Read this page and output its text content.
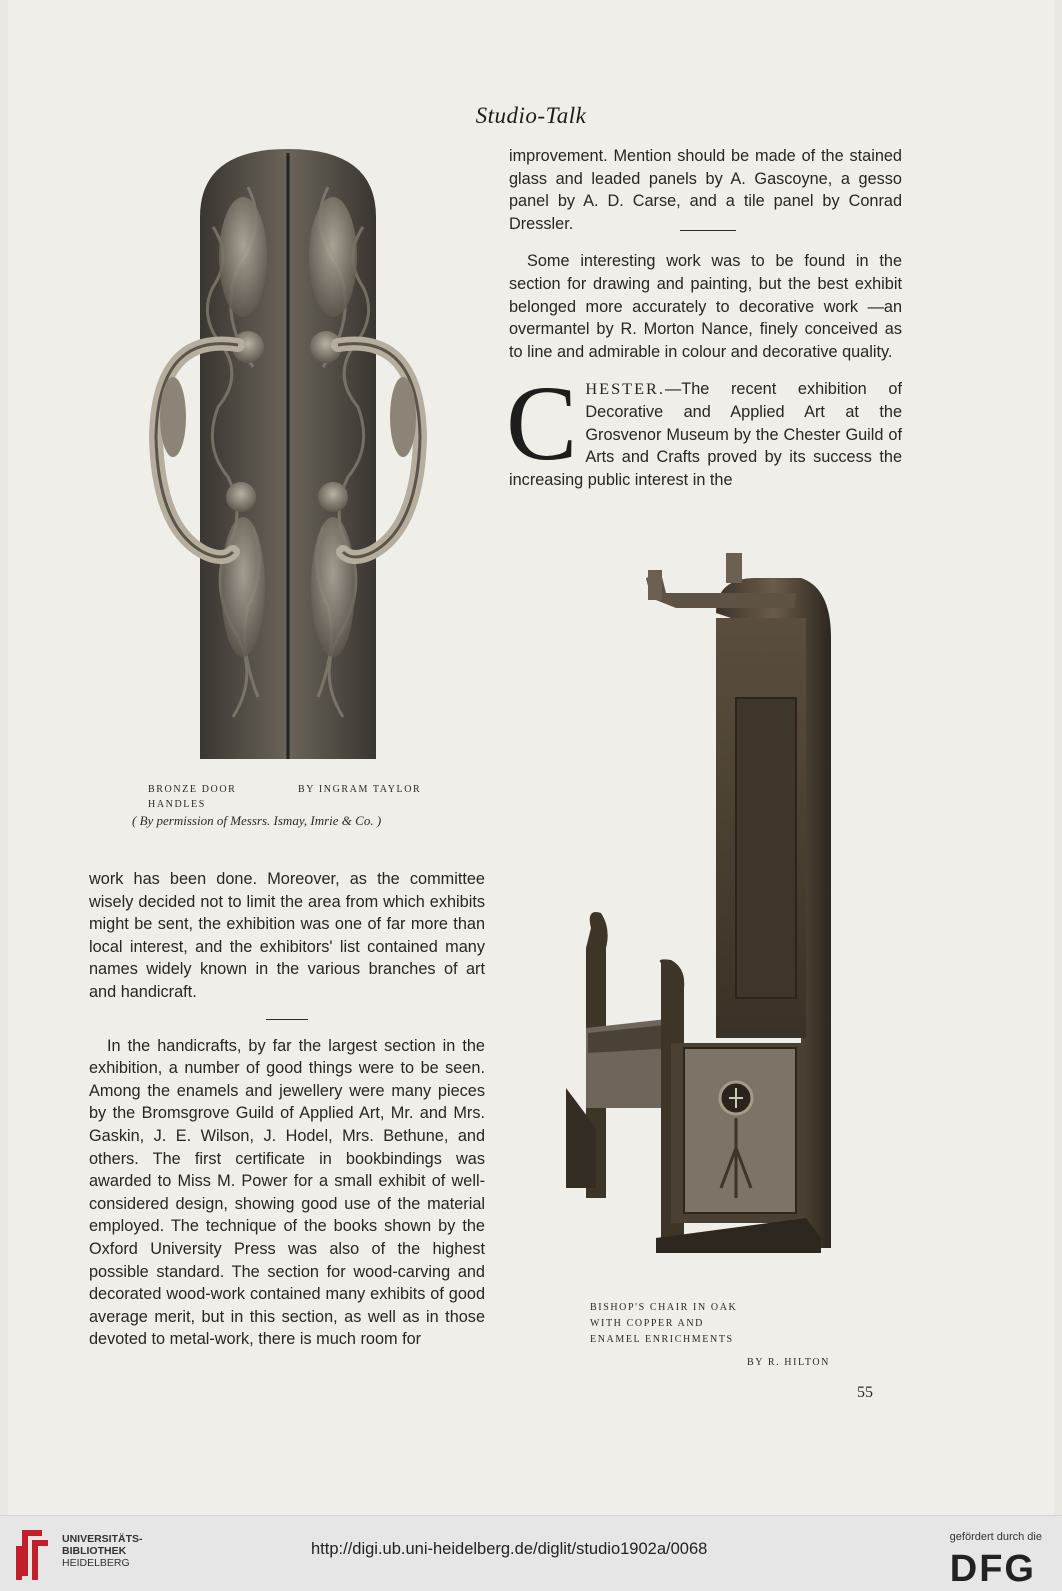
Studio-Talk
BRONZE DOOR HANDLES
BY INGRAM TAYLOR
( By permission of Messrs. Ismay, Imrie & Co. )

improvement. Mention should be made of the stained glass and leaded panels by A. Gascoyne, a gesso panel by A. D. Carse, and a tile panel by Conrad Dressler.

Some interesting work was to be found in the section for drawing and painting, but the best exhibit belonged more accurately to decorative work —an overmantel by R. Morton Nance, finely conceived as to line and admirable in colour and decorative quality.

C HESTER.—The recent exhibition of Decorative and Applied Art at the Grosvenor Museum by the Chester Guild of Arts and Crafts proved by its success the increasing public interest in the

work has been done. Moreover, as the committee wisely decided not to limit the area from which exhibits might be sent, the exhibition was one of far more than local interest, and the exhibitors' list contained many names widely known in the various branches of art and handicraft.

In the handicrafts, by far the largest section in the exhibition, a number of good things were to be seen. Among the enamels and jewellery were many pieces by the Bromsgrove Guild of Applied Art, Mr. and Mrs. Gaskin, J. E. Wilson, J. Hodel, Mrs. Bethune, and others. The first certificate in bookbindings was awarded to Miss M. Power for a small exhibit of well-considered design, showing good use of the material employed. The technique of the books shown by the Oxford University Press was also of the highest possible standard. The section for wood-carving and decorated wood-work contained many exhibits of good average merit, but in this section, as well as in those devoted to metal-work, there is much room for

BISHOP'S CHAIR IN OAK
WITH COPPER AND
ENAMEL ENRICHMENTS
BY R. HILTON
55
UNIVERSITÄTS-
BIBLIOTHEK
HEIDELBERG
http://digi.ub.uni-heidelberg.de/diglit/studio1902a/0068
gefördert durch die
DFG
